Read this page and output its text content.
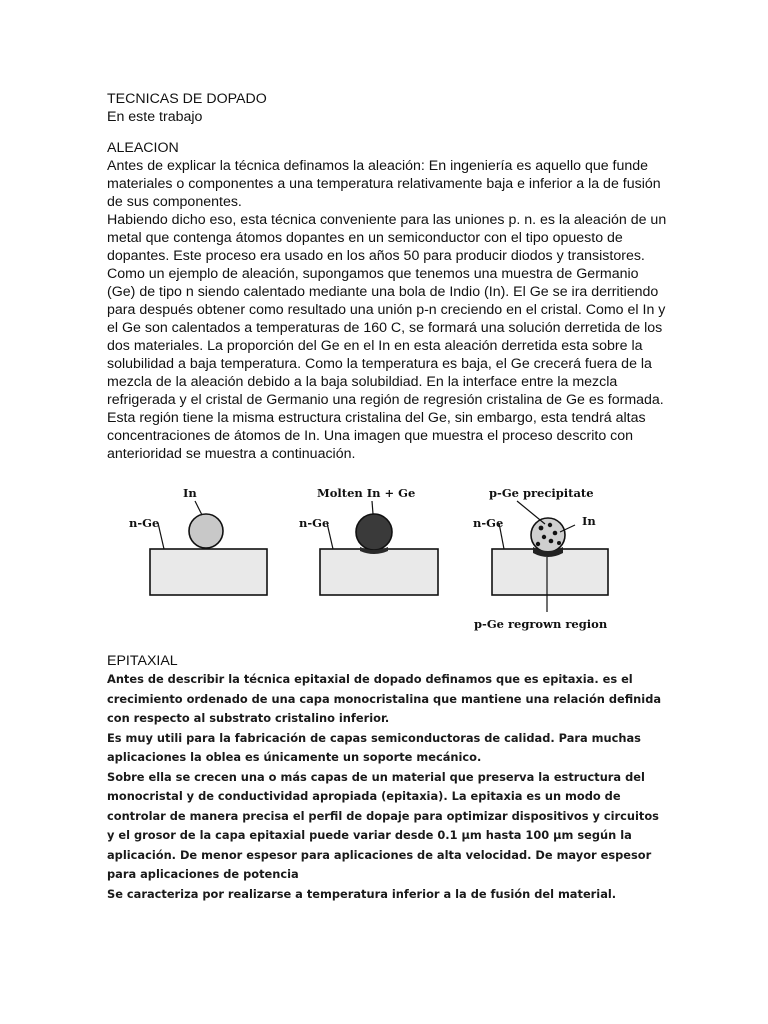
TECNICAS DE DOPADO

En este trabajo

ALEACION

Antes de explicar la técnica definamos la aleación: En ingeniería es aquello que funde materiales o componentes a una temperatura relativamente baja e inferior a la de fusión de sus componentes.

Habiendo dicho eso, esta técnica conveniente para las uniones p. n. es la aleación de un metal que contenga átomos dopantes en un semiconductor con el tipo opuesto de dopantes. Este proceso era usado en los años 50 para producir diodos y transistores. Como un ejemplo de aleación, supongamos que tenemos una muestra de Germanio (Ge) de tipo n siendo calentado mediante una bola de Indio (In). El Ge se ira derritiendo para después obtener como resultado una unión p-n creciendo en el cristal. Como el In y el Ge son calentados a temperaturas de 160 C, se formará una solución derretida de los dos materiales. La proporción del Ge en el In en esta aleación derretida esta sobre la solubilidad a baja temperatura. Como la temperatura es baja, el Ge crecerá fuera de la mezcla de la aleación debido a la baja solubildiad. En la interface entre la mezcla refrigerada y el cristal de Germanio una región de regresión cristalina de Ge es formada. Esta región tiene la misma estructura cristalina del Ge, sin embargo, esta tendrá altas concentraciones de átomos de In. Una imagen que muestra el proceso descrito con anterioridad se muestra a continuación.

In
n-Ge
Molten In + Ge
n-Ge
p-Ge precipitate
In
n-Ge
p-Ge regrown region
EPITAXIAL

Antes de describir la técnica epitaxial de dopado definamos que es epitaxia. es el crecimiento ordenado de una capa monocristalina que mantiene una relación definida con respecto al substrato cristalino inferior.

Es muy utili para la fabricación de capas semiconductoras de calidad. Para muchas aplicaciones la oblea es únicamente un soporte mecánico.

Sobre ella se crecen una o más capas de un material que preserva la estructura del monocristal y de conductividad apropiada (epitaxia). La epitaxia es un modo de controlar de manera precisa el perfil de dopaje para optimizar dispositivos y circuitos y el grosor de la capa epitaxial puede variar desde 0.1 µm hasta 100 µm según la aplicación. De menor espesor para aplicaciones de alta velocidad. De mayor espesor para aplicaciones de potencia

Se caracteriza por realizarse a temperatura inferior a la de fusión del material.
